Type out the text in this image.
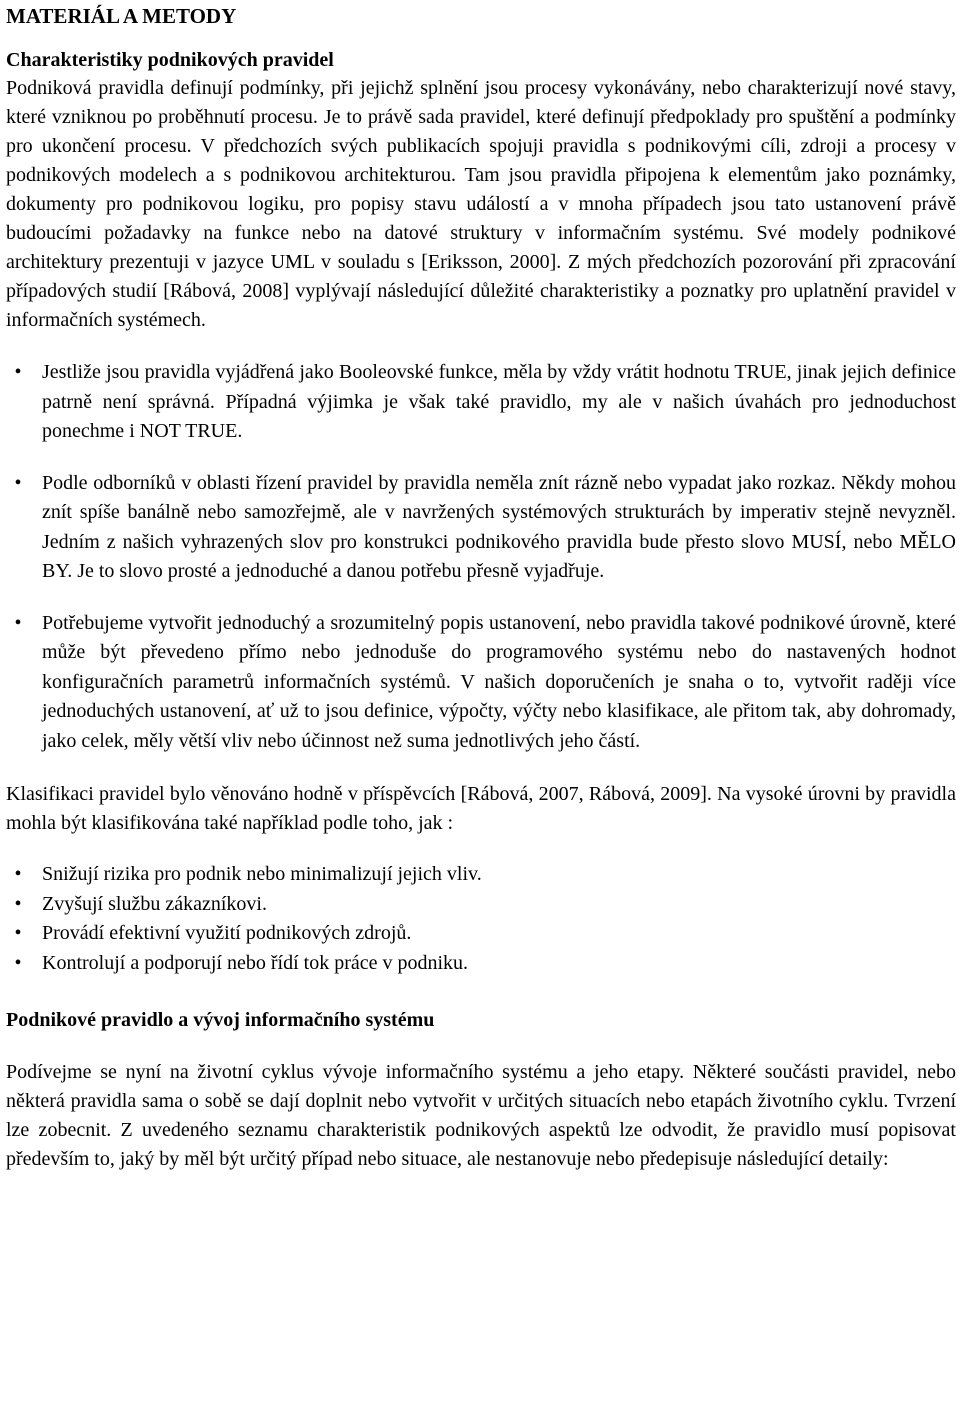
MATERIÁL A METODY
Charakteristiky podnikových pravidel

Podniková pravidla definují podmínky, při jejichž splnění jsou procesy vykonávány, nebo charakterizují nové stavy, které vzniknou po proběhnutí procesu. Je to právě sada pravidel, které definují předpoklady pro spuštění a podmínky pro ukončení procesu. V předchozích svých publikacích spojuji pravidla s podnikovými cíli, zdroji a procesy v podnikových modelech a s podnikovou architekturou. Tam jsou pravidla připojena k elementům jako poznámky, dokumenty pro podnikovou logiku, pro popisy stavu událostí a v mnoha případech jsou tato ustanovení právě budoucími požadavky na funkce nebo na datové struktury v informačním systému. Své modely podnikové architektury prezentuji v jazyce UML v souladu s [Eriksson, 2000]. Z mých předchozích pozorování při zpracování případových studií [Rábová, 2008] vyplývají následující důležité charakteristiky a poznatky pro uplatnění pravidel v informačních systémech.

•	Jestliže jsou pravidla vyjádřená jako Booleovské funkce, měla by vždy vrátit hodnotu TRUE, jinak jejich definice patrně není správná. Případná výjimka je však také pravidlo, my ale v našich úvahách pro jednoduchost ponechme i NOT TRUE.
•	Podle odborníků v oblasti řízení pravidel by pravidla neměla znít rázně nebo vypadat jako rozkaz. Někdy mohou znít spíše banálně nebo samozřejmě, ale v navržených systémových strukturách by imperativ stejně nevyzněl. Jedním z našich vyhrazených slov pro konstrukci podnikového pravidla bude přesto slovo MUSÍ, nebo MĚLO BY. Je to slovo prosté a jednoduché a danou potřebu přesně vyjadřuje.
•	Potřebujeme vytvořit jednoduchý a srozumitelný popis ustanovení, nebo pravidla takové podnikové úrovně, které může být převedeno přímo nebo jednoduše do programového systému nebo do nastavených hodnot konfiguračních parametrů informačních systémů. V našich doporučeních je snaha o to, vytvořit raději více jednoduchých ustanovení, ať už to jsou definice, výpočty, výčty nebo klasifikace, ale přitom tak, aby dohromady, jako celek, měly větší vliv nebo účinnost než suma jednotlivých jeho částí.

Klasifikaci pravidel bylo věnováno hodně v příspěvcích [Rábová, 2007, Rábová, 2009]. Na vysoké úrovni by pravidla mohla být klasifikována také například podle toho, jak :

•	Snižují rizika pro podnik nebo minimalizují jejich vliv.
•	Zvyšují službu zákazníkovi.
•	Provádí efektivní využití podnikových zdrojů.
•	Kontrolují a podporují nebo řídí tok práce v podniku.
Podnikové pravidlo a vývoj informačního systému

Podívejme se nyní na životní cyklus vývoje informačního systému a jeho etapy. Některé součásti pravidel, nebo některá pravidla sama o sobě se dají doplnit nebo vytvořit v určitých situacích nebo etapách životního cyklu. Tvrzení lze zobecnit. Z uvedeného seznamu charakteristik podnikových aspektů lze odvodit, že pravidlo musí popisovat především to, jaký by měl být určitý případ nebo situace, ale nestanovuje nebo předepisuje následující detaily:
